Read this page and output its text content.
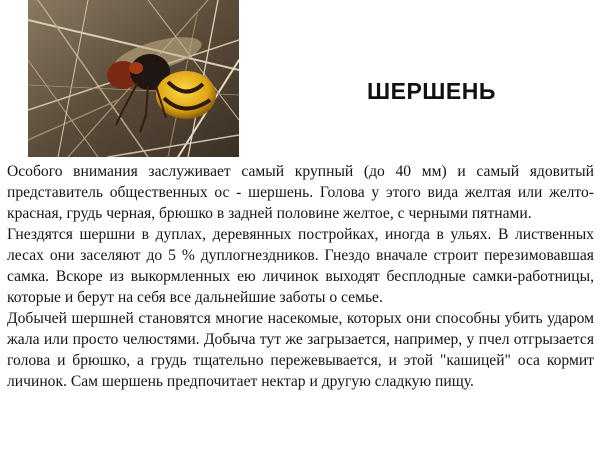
ШЕРШЕНЬ

Особого внимания заслуживает самый крупный (до 40 мм) и самый ядовитый представитель общественных ос - шершень. Голова у этого вида желтая или желто-красная, грудь черная, брюшко в задней половине желтое, с черными пятнами.

Гнездятся шершни в дуплах, деревянных постройках, иногда в ульях. В лиственных лесах они заселяют до 5 % дуплогнездников. Гнездо вначале строит перезимовавшая самка. Вскоре из выкормленных ею личинок выходят бесплодные самки-работницы, которые и берут на себя все дальнейшие заботы о семье.

Добычей шершней становятся многие насекомые, которых они способны убить ударом жала или просто челюстями. Добыча тут же загрызается, например, у пчел отгрызается голова и брюшко, а грудь тщательно пережевывается, и этой "кашицей" оса кормит личинок. Сам шершень предпочитает нектар и другую сладкую пищу.
